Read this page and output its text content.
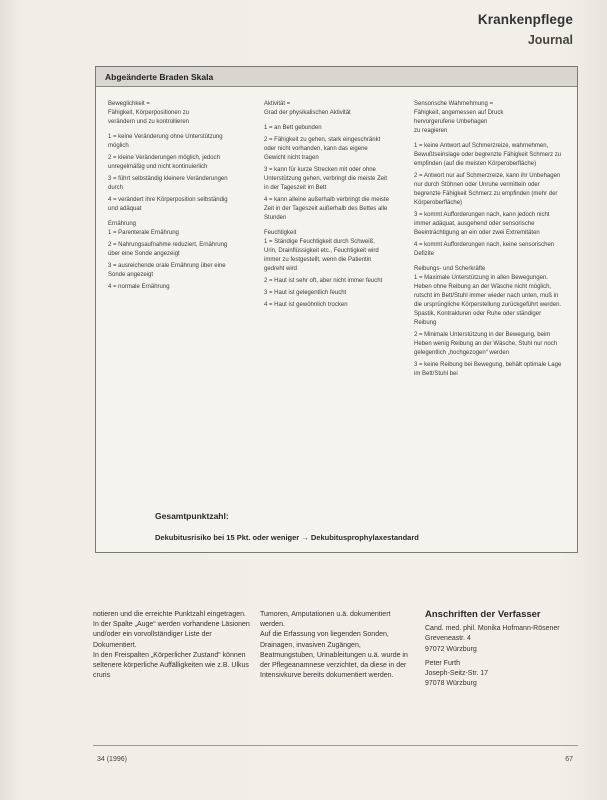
Krankenpflege
Journal
Abgeänderte Braden Skala
Beweglichkeit =
Fähigkeit, Körperpositionen zu
verändern und zu kontrollieren

1 = keine Veränderung ohne Unterstützung möglich

2 = kleine Veränderungen möglich, jedoch unregelmäßig und nicht kontinuierlich

3 = führt selbständig kleinere Veränderungen durch

4 = verändert ihre Körperposition selbständig und adäquat

Ernährung

1 = Parenterale Ernährung

2 = Nahrungsaufnahme reduziert, Ernährung über eine Sonde angezeigt

3 = ausreichende orale Ernährung über eine Sonde angezeigt

4 = normale Ernährung

Aktivität =
Grad der physikalischen Aktivität

1 = an Bett gebunden

2 = Fähigkeit zu gehen, stark eingeschränkt oder nicht vorhanden, kann das eigene Gewicht nicht tragen

3 = kann für kurze Strecken mit oder ohne Unterstützung gehen, verbringt die meiste Zeit in der Tageszeit im Bett

4 = kann alleine außerhalb verbringt die meiste Zeit in der Tageszeit außerhalb des Bettes alle Stunden

Feuchtigkeit

1 = Ständige Feuchtigkeit durch Schweiß, Urin, Drainflüssigkeit etc., Feuchtigkeit wird immer zu festgestellt, wenn die Patientin gedreht wird

2 = Haut ist sehr oft, aber nicht immer feucht

3 = Haut ist gelegentlich feucht

4 = Haut ist gewöhnlich trocken

Sensorische Wahrnehmung =
Fähigkeit, angemessen auf Druck
hervorgerufene Unbehagen
zu reagieren

1 = keine Antwort auf Schmerzreize, wahrnehmen, Bewußtseinslage oder begrenzte Fähigkeit Schmerz zu empfinden (auf die meisten Körperoberfläche)

2 = Antwort nur auf Schmerzreize, kann ihr Unbehagen nur durch Stöhnen oder Unruhe vermitteln oder begrenzte Fähigkeit Schmerz zu empfinden (mehr der Körperoberfläche)

3 = kommt Aufforderungen nach, kann jedoch nicht immer adäquat, ausgehend oder sensorische Beeinträchtigung an ein oder zwei Extremitäten

4 = kommt Aufforderungen nach, keine sensorischen Defizite

Reibungs- und Scherkräfte

1 = Maximale Unterstützung in allen Bewegungen. Heben ohne Reibung an der Wäsche nicht möglich, rutscht im Bett/Stuhl immer wieder nach unten, muß in die ursprüngliche Körperstellung zurückgeführt werden. Spastik, Kontrakturen oder Ruhe oder ständiger Reibung

2 = Minimale Unterstützung in der Bewegung, beim Heben wenig Reibung an der Wäsche, Stuhl nur noch gelegentlich „hochgezogen“ werden

3 = keine Reibung bei Bewegung, behält optimale Lage im Bett/Stuhl bei

Gesamtpunktzahl:
Dekubitusrisiko bei 15 Pkt. oder weniger → Dekubitusprophylaxestandard

notieren und die erreichte Punktzahl eingetragen.

In der Spalte „Auge“ werden vorhandene Läsionen und/oder ein vorvollständiger Liste der Dokumentiert.

In den Freispalten „Körperlicher Zustand“ können seltenere körperliche Auffälligkeiten wie z.B. Ulkus cruris

Tumoren, Amputationen u.ä. dokumentiert werden.

Auf die Erfassung von liegenden Sonden, Drainagen, invasiven Zugängen, Beatmungstuben, Urinableitungen u.ä. wurde in der Pflegeanamnese verzichtet, da diese in der Intensivkurve bereits dokumentiert werden.

Anschriften der Verfasser
Cand. med. phil. Monika Hofmann-Rösener
Greveneastr. 4
97072 Würzburg
Peter Furth
Joseph-Seitz-Str. 17
97078 Würzburg
34 (1996)	67
